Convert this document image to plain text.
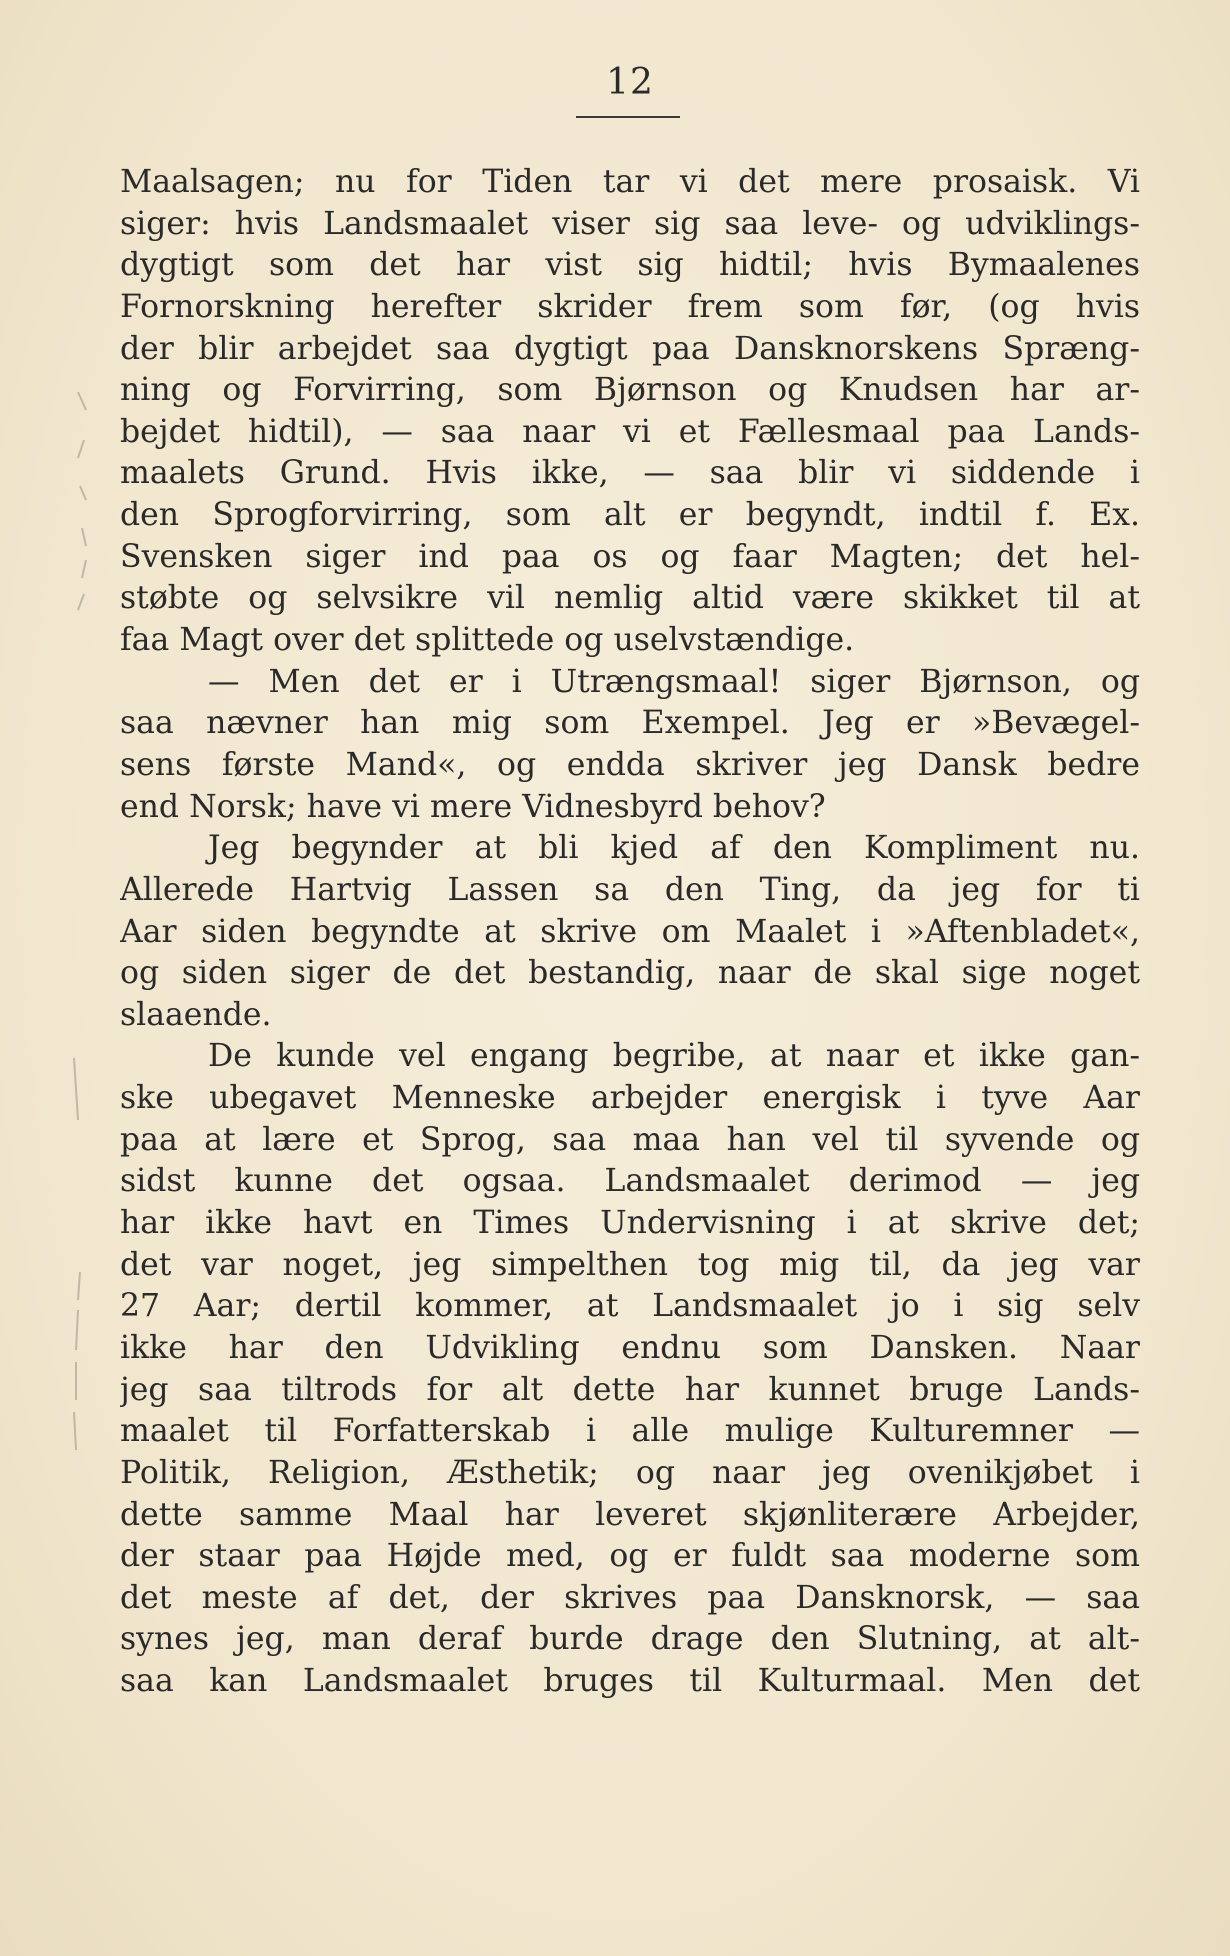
12
Maalsagen; nu for Tiden tar vi det mere prosaisk. Vi
siger: hvis Landsmaalet viser sig saa leve- og udviklings-
dygtigt som det har vist sig hidtil; hvis Bymaalenes
Fornorskning herefter skrider frem som før, (og hvis
der blir arbejdet saa dygtigt paa Dansknorskens Spræng-
ning og Forvirring, som Bjørnson og Knudsen har ar-
bejdet hidtil), — saa naar vi et Fællesmaal paa Lands-
maalets Grund. Hvis ikke, — saa blir vi siddende i
den Sprogforvirring, som alt er begyndt, indtil f. Ex.
Svensken siger ind paa os og faar Magten; det hel-
støbte og selvsikre vil nemlig altid være skikket til at
faa Magt over det splittede og uselvstændige.
— Men det er i Utrængsmaal! siger Bjørnson, og
saa nævner han mig som Exempel. Jeg er »Bevægel-
sens første Mand«, og endda skriver jeg Dansk bedre
end Norsk; have vi mere Vidnesbyrd behov?
Jeg begynder at bli kjed af den Kompliment nu.
Allerede Hartvig Lassen sa den Ting, da jeg for ti
Aar siden begyndte at skrive om Maalet i »Aftenbladet«,
og siden siger de det bestandig, naar de skal sige noget
slaaende.
De kunde vel engang begribe, at naar et ikke gan-
ske ubegavet Menneske arbejder energisk i tyve Aar
paa at lære et Sprog, saa maa han vel til syvende og
sidst kunne det ogsaa. Landsmaalet derimod — jeg
har ikke havt en Times Undervisning i at skrive det;
det var noget, jeg simpelthen tog mig til, da jeg var
27 Aar; dertil kommer, at Landsmaalet jo i sig selv
ikke har den Udvikling endnu som Dansken. Naar
jeg saa tiltrods for alt dette har kunnet bruge Lands-
maalet til Forfatterskab i alle mulige Kulturemner —
Politik, Religion, Æsthetik; og naar jeg ovenikjøbet i
dette samme Maal har leveret skjønliterære Arbejder,
der staar paa Højde med, og er fuldt saa moderne som
det meste af det, der skrives paa Dansknorsk, — saa
synes jeg, man deraf burde drage den Slutning, at alt-
saa kan Landsmaalet bruges til Kulturmaal. Men det
